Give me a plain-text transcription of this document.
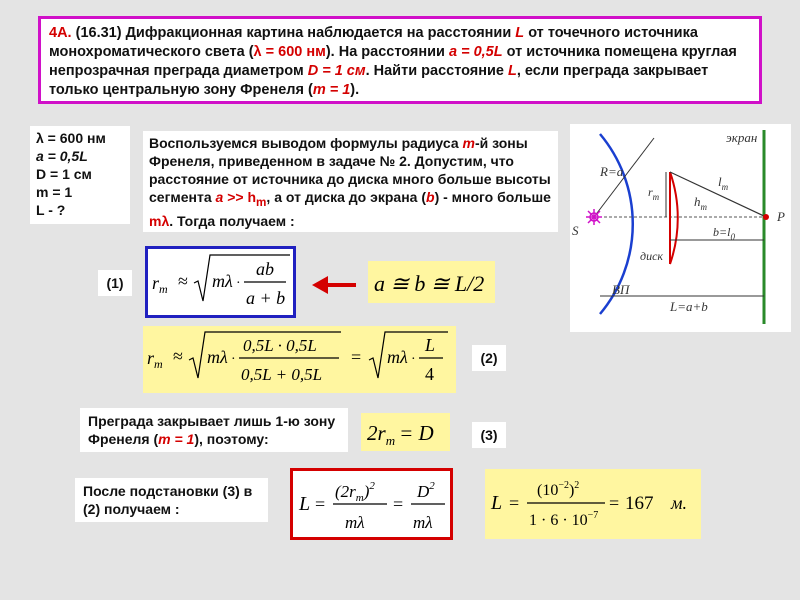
4А. (16.31) Дифракционная картина наблюдается на расстоянии L от точечного источника монохроматического света (λ = 600 нм). На расстоянии a = 0,5L от источника помещена круглая непрозрачная преграда диаметром D = 1 см. Найти расстояние L, если преграда закрывает только центральную зону Френеля (m = 1).
λ = 600 нм
a = 0,5L
D = 1 см
m = 1
L - ?
Воспользуемся выводом формулы радиуса m-й зоны Френеля, приведенном в задаче № 2. Допустим, что расстояние от источника до диска много больше высоты сегмента $a >> h_m$, а от диска до экрана (b) - много больше mλ. Тогда получаем :
экран
R=a
$r_m$
$l_m$
$h_m$
S
P
$b=l_0$
диск
ВП
L=a+b
(1)	$r_m \approx m\lambda$ ·
ab
a + b
a ≅ b ≅ L/2
$r_m \approx m\lambda$ ·
0,5L · 0,5L
0,5L + 0,5L
= mλ ·
L
4
(2)
Преграда закрывает лишь 1-ю зону Френеля (m = 1), поэтому:	$2r_m = D$	(3)
После подстановки (3) в (2) получаем :	L =
$(2r_m)^2$
mλ
=
$D^2$
mλ
L =
$(10^{-2})^2$
$1 \cdot 6 \cdot 10^{-7}$
= 167 м.
